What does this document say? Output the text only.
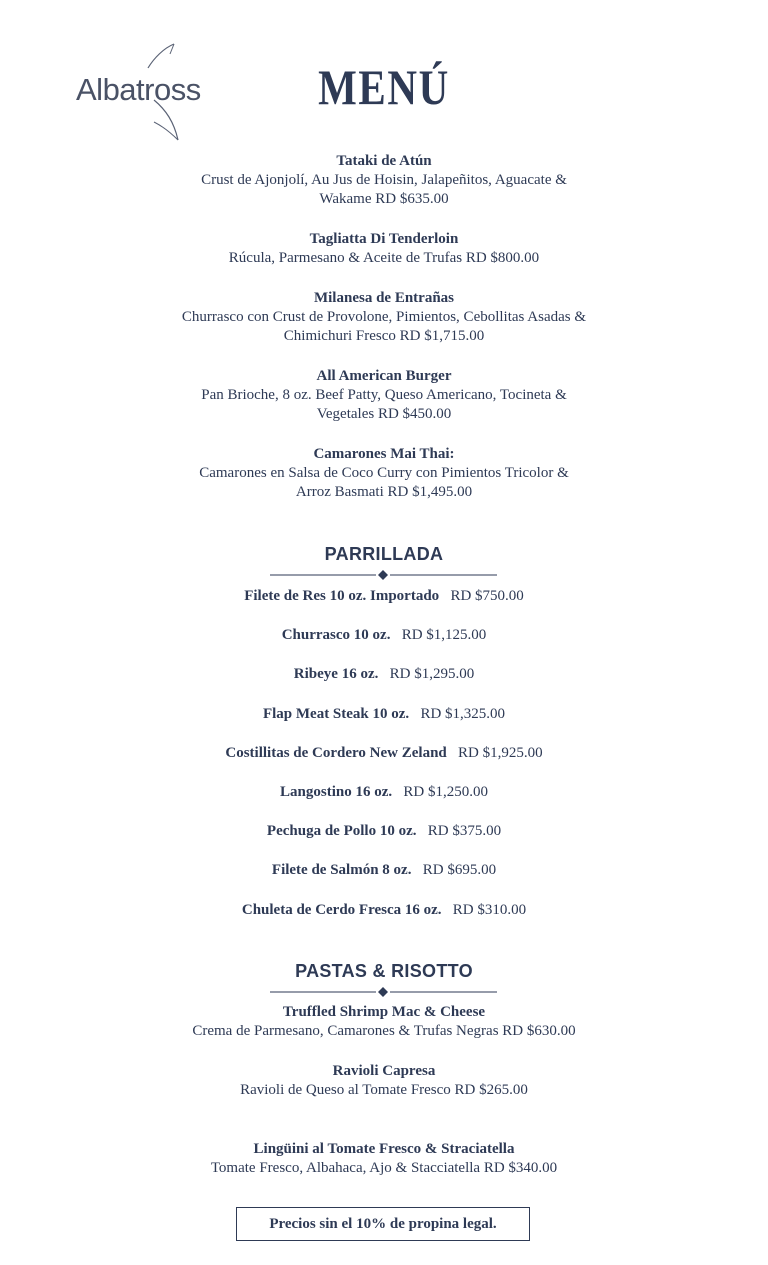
Albatross	MENÚ
Tataki de Atún
Crust de Ajonjolí, Au Jus de Hoisin, Jalapeñitos, Aguacate &
Wakame RD $635.00
Tagliatta Di Tenderloin
Rúcula, Parmesano & Aceite de Trufas RD $800.00
Milanesa de Entrañas
Churrasco con Crust de Provolone, Pimientos, Cebollitas Asadas &
Chimichuri Fresco RD $1,715.00
All American Burger
Pan Brioche, 8 oz. Beef Patty, Queso Americano, Tocineta &
Vegetales RD $450.00
Camarones Mai Thai:
Camarones en Salsa de Coco Curry con Pimientos Tricolor &
Arroz Basmati RD $1,495.00
PARRILLADA
Filete de Res 10 oz. Importado RD $750.00
Churrasco 10 oz. RD $1,125.00
Ribeye 16 oz. RD $1,295.00
Flap Meat Steak 10 oz. RD $1,325.00
Costillitas de Cordero New Zeland RD $1,925.00
Langostino 16 oz. RD $1,250.00
Pechuga de Pollo 10 oz. RD $375.00
Filete de Salmón 8 oz. RD $695.00
Chuleta de Cerdo Fresca 16 oz. RD $310.00
PASTAS & RISOTTO
Truffled Shrimp Mac & Cheese
Crema de Parmesano, Camarones & Trufas Negras RD $630.00
Ravioli Capresa
Ravioli de Queso al Tomate Fresco RD $265.00
Lingüini al Tomate Fresco & Straciatella
Tomate Fresco, Albahaca, Ajo & Stacciatella RD $340.00
Precios sin el 10% de propina legal.
